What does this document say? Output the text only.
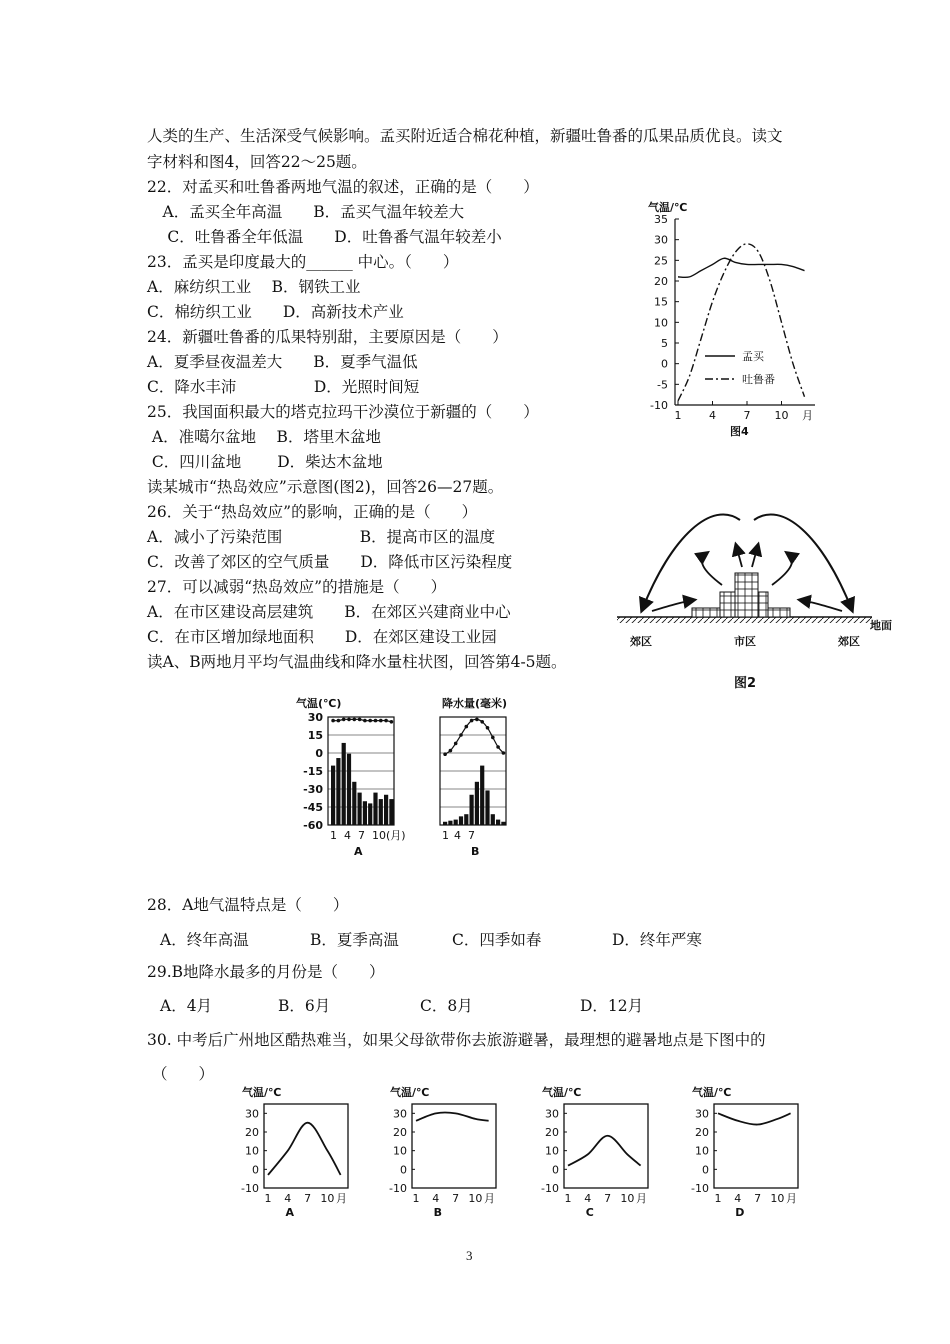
人类的生产、生活深受气候影响。孟买附近适合棉花种植，新疆吐鲁番的瓜果品质优良。读文
字材料和图4，回答22～25题。
22．对孟买和吐鲁番两地气温的叙述，正确的是（　　）
　A．孟买全年高温　　B．孟买气温年较差大
　 C．吐鲁番全年低温　　D．吐鲁番气温年较差小
23．孟买是印度最大的______ 中心。（　　）
A．麻纺织工业　 B．钢铁工业
C．棉纺织工业　　D．高新技术产业
24．新疆吐鲁番的瓜果特别甜，主要原因是（　　）
A．夏季昼夜温差大　　B．夏季气温低
C．降水丰沛　　　　　D．光照时间短
25．我国面积最大的塔克拉玛干沙漠位于新疆的（　　）
A．准噶尔盆地　 B．塔里木盆地
C．四川盆地　　 D．柴达木盆地
读某城市“热岛效应”示意图(图2)，回答26—27题。
26．关于“热岛效应”的影响，正确的是（　　）
A．减小了污染范围　　　　　B．提高市区的温度
C．改善了郊区的空气质量　　D．降低市区污染程度
27．可以减弱“热岛效应”的措施是（　　）
A．在市区建设高层建筑　　B．在郊区兴建商业中心
C．在市区增加绿地面积　　D．在郊区建设工业园
读A、B两地月平均气温曲线和降水量柱状图，回答第4-5题。
28．A地气温特点是（　　）
A．终年高温	B．夏季高温	C．四季如春	D．终年严寒
29.B地降水最多的月份是（　　）
A．4月	B．6月	C．8月	D．12月
30. 中考后广州地区酷热难当，如果父母欲带你去旅游避暑，最理想的避暑地点是下图中的
（　　）
3
气温/℃
35
30
25
20
15
10
5
0
-5
-10
1	4	7 10 月
孟买
吐鲁番
图4
郊区	市区	郊区
地面
图2
气温(℃)	降水量(毫米)
30
15
0
-15
-30
-45
-60
1 4 7 10(月)	1 4 7
A	B
气温/℃
30
20
10
0
-10
1 4 7 10 月
A
气温/℃
30
20
10
0
-10
1 4 7 10 月
B
气温/℃
30
20
10
0
-10
1 4 7 10 月
C
气温/℃
30
20
10
0
-10
1 4 7 10 月
D
